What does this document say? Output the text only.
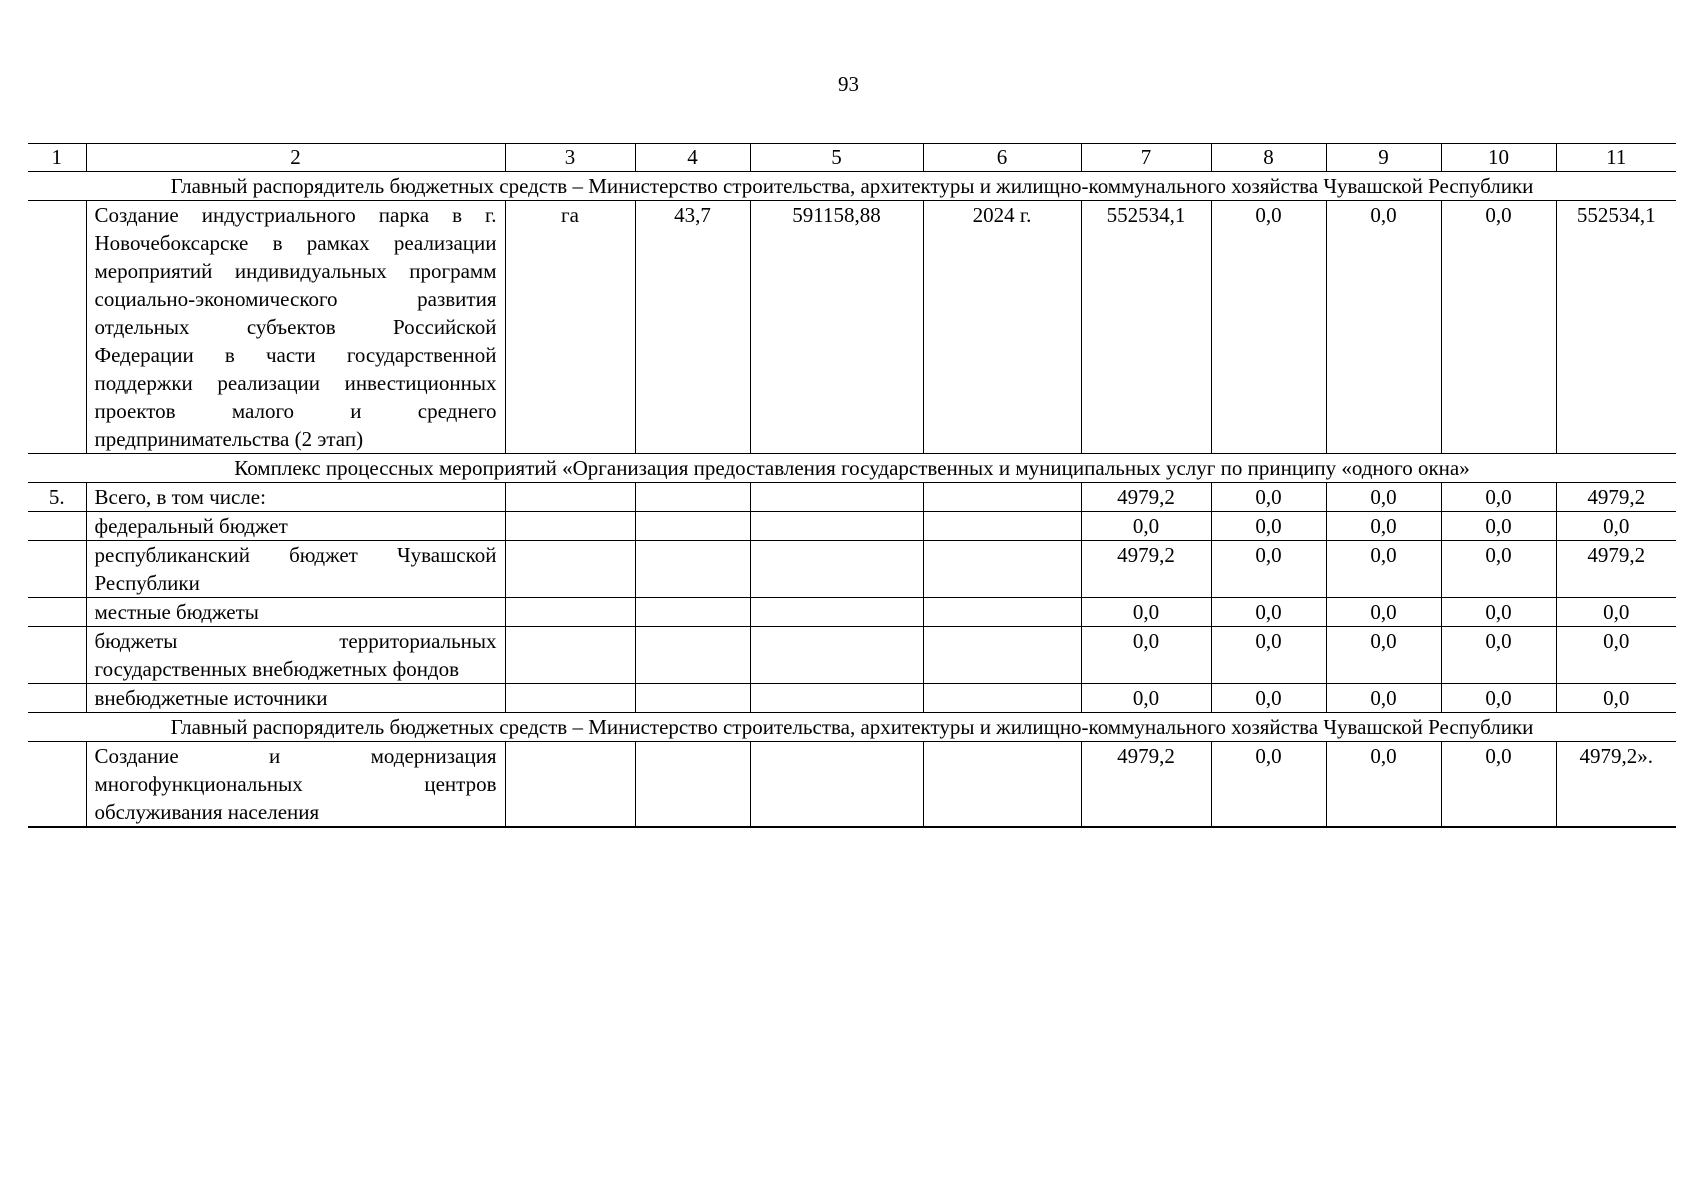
93
1	2	3	4	5	6	7	8	9	10	11
Главный распорядитель бюджетных средств – Министерство строительства, архитектуры и жилищно-коммунального хозяйства Чувашской Республики										
	Создание индустриального парка в г. Новочебоксарске в рамках реализации мероприятий индивидуальных программ социально-экономического развития отдельных субъектов Российской Федерации в части государственной поддержки реализации инвестиционных проектов малого и среднего предпринимательства (2 этап)	га	43,7	591158,88	2024 г.	552534,1	0,0	0,0	0,0	552534,1
Комплекс процессных мероприятий «Организация предоставления государственных и муниципальных услуг по принципу «одного окна»										
5.	Всего, в том числе:					4979,2	0,0	0,0	0,0	4979,2
	федеральный бюджет					0,0	0,0	0,0	0,0	0,0
	республиканский бюджет Чувашской Республики					4979,2	0,0	0,0	0,0	4979,2
	местные бюджеты					0,0	0,0	0,0	0,0	0,0
	бюджеты территориальных государственных внебюджетных фондов					0,0	0,0	0,0	0,0	0,0
	внебюджетные источники					0,0	0,0	0,0	0,0	0,0
Главный распорядитель бюджетных средств – Министерство строительства, архитектуры и жилищно-коммунального хозяйства Чувашской Республики										
	Создание и модернизация многофункциональных центров обслуживания населения					4979,2	0,0	0,0	0,0	4979,2».
